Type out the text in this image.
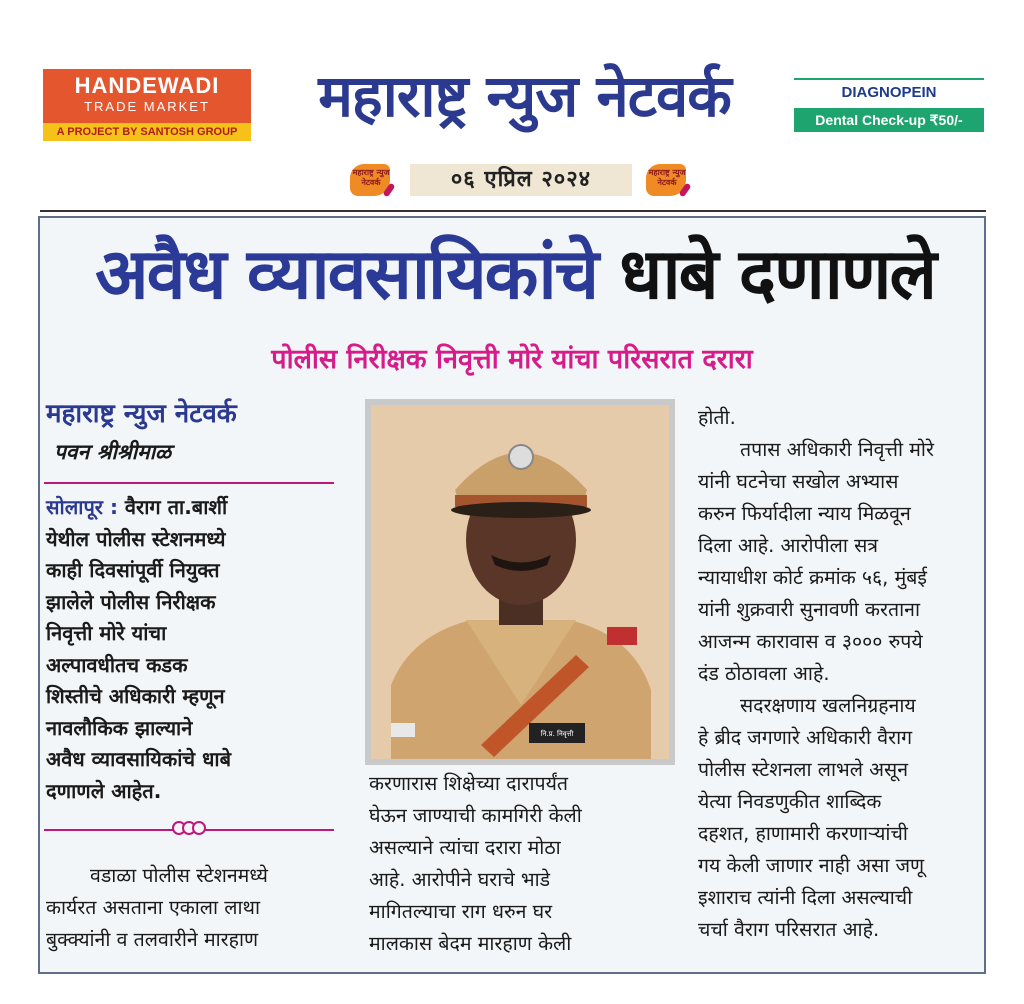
HANDEWADI
TRADE MARKET
A PROJECT BY SANTOSH GROUP
महाराष्ट्र न्युज नेटवर्क	DIAGNOPEIN
Dental Check-up ₹50/-
महाराष्ट्र न्युज नेटवर्क	०६ एप्रिल २०२४	महाराष्ट्र न्युज नेटवर्क
अवैध व्यावसायिकांचे धाबे दणाणले
पोलीस निरीक्षक निवृत्ती मोरे यांचा परिसरात दरारा
महाराष्ट्र न्युज नेटवर्क
पवन श्रीश्रीमाळ
सोलापूर : वैराग ता.बार्शी
येथील पोलीस स्टेशनमध्ये
काही दिवसांपूर्वी नियुक्त
झालेले पोलीस निरीक्षक
निवृत्ती मोरे यांचा
अल्पावधीतच कडक
शिस्तीचे अधिकारी म्हणून
नावलौकिक झाल्याने
अवैध व्यावसायिकांचे धाबे
दणाणले आहेत.
वडाळा पोलीस स्टेशनमध्ये
कार्यरत असताना एकाला लाथा
बुक्क्यांनी व तलवारीने मारहाण
नि.प्र. निवृत्ती
करणारास शिक्षेच्या दारापर्यंत
घेऊन जाण्याची कामगिरी केली
असल्याने त्यांचा दरारा मोठा
आहे. आरोपीने घराचे भाडे
मागितल्याचा राग धरुन घर
मालकास बेदम मारहाण केली
होती.
तपास अधिकारी निवृत्ती मोरे
यांनी घटनेचा सखोल अभ्यास
करुन फिर्यादीला न्याय मिळवून
दिला आहे. आरोपीला सत्र
न्यायाधीश कोर्ट क्रमांक ५६, मुंबई
यांनी शुक्रवारी सुनावणी करताना
आजन्म कारावास व ३००० रुपये
दंड ठोठावला आहे.
सदरक्षणाय खलनिग्रहनाय
हे ब्रीद जगणारे अधिकारी वैराग
पोलीस स्टेशनला लाभले असून
येत्या निवडणुकीत शाब्दिक
दहशत, हाणामारी करणाऱ्यांची
गय केली जाणार नाही असा जणू
इशाराच त्यांनी दिला असल्याची
चर्चा वैराग परिसरात आहे.
